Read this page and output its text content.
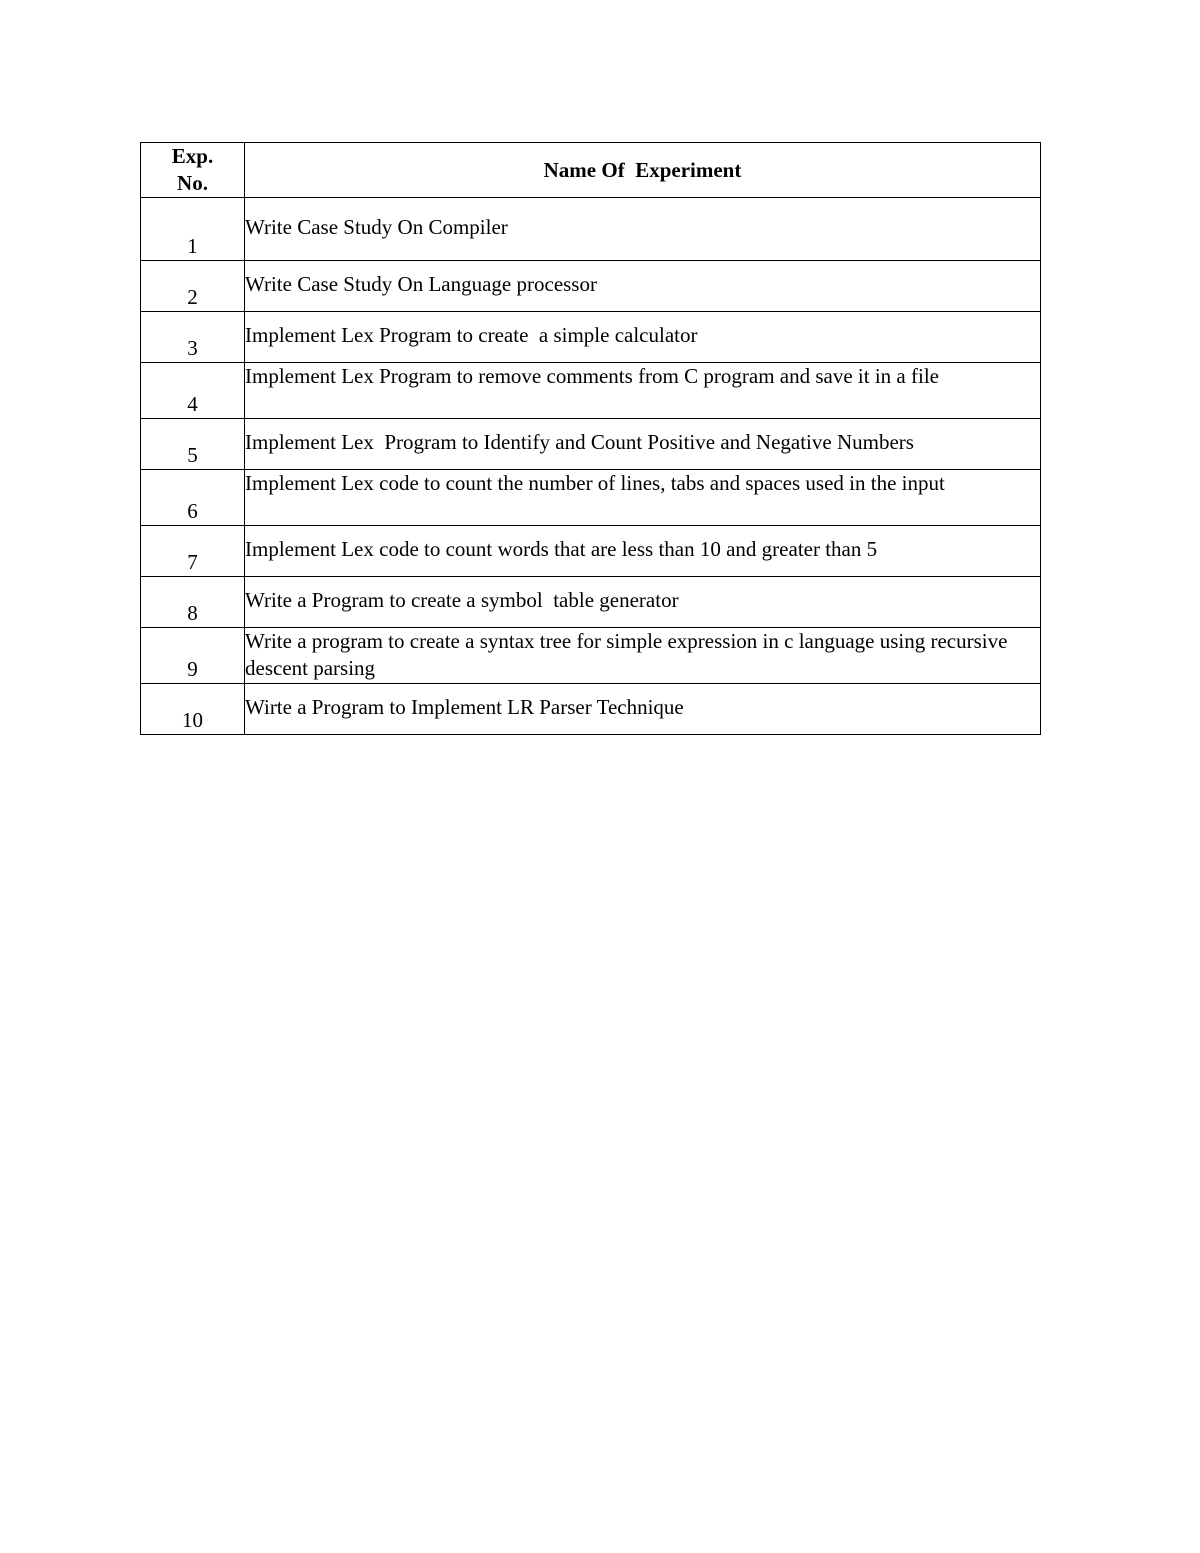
Exp.
No.	Name Of  Experiment
1	Write Case Study On Compiler
2	Write Case Study On Language processor
3	Implement Lex Program to create  a simple calculator
4	Implement Lex Program to remove comments from C program and save it in a file
5	Implement Lex  Program to Identify and Count Positive and Negative Numbers
6	Implement Lex code to count the number of lines, tabs and spaces used in the input
7	Implement Lex code to count words that are less than 10 and greater than 5
8	Write a Program to create a symbol  table generator
9	Write a program to create a syntax tree for simple expression in c language using recursive descent parsing
10	Wirte a Program to Implement LR Parser Technique
